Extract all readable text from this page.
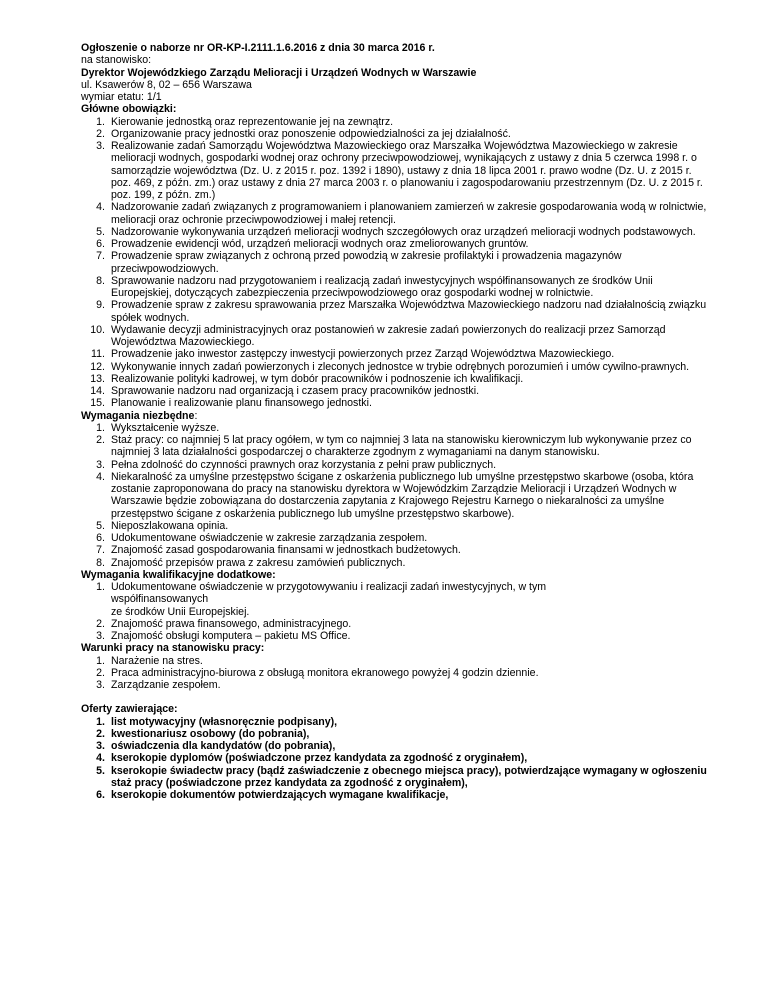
Ogłoszenie o naborze nr OR-KP-I.2111.1.6.2016 z dnia 30 marca 2016 r.
na stanowisko:
Dyrektor Wojewódzkiego Zarządu Melioracji i Urządzeń Wodnych w Warszawie
ul. Ksawerów 8, 02 – 656 Warszawa
wymiar etatu: 1/1
Główne obowiązki:
1. Kierowanie jednostką oraz reprezentowanie jej na zewnątrz.
2. Organizowanie pracy jednostki oraz ponoszenie odpowiedzialności za jej działalność.
3. Realizowanie zadań Samorządu Województwa Mazowieckiego oraz Marszałka Województwa Mazowieckiego w zakresie melioracji wodnych, gospodarki wodnej oraz ochrony przeciwpowodziowej, wynikających z ustawy z dnia 5 czerwca 1998 r. o samorządzie województwa (Dz. U. z 2015 r. poz. 1392 i 1890), ustawy z dnia 18 lipca 2001 r. prawo wodne (Dz. U. z 2015 r. poz. 469, z późn. zm.) oraz ustawy z dnia 27 marca 2003 r. o planowaniu i zagospodarowaniu przestrzennym (Dz. U. z 2015 r. poz. 199, z późn. zm.)
4. Nadzorowanie zadań związanych z programowaniem i planowaniem zamierzeń w zakresie gospodarowania wodą w rolnictwie, melioracji oraz ochronie przeciwpowodziowej i małej retencji.
5. Nadzorowanie wykonywania urządzeń melioracji wodnych szczegółowych oraz urządzeń melioracji wodnych podstawowych.
6. Prowadzenie ewidencji wód, urządzeń melioracji wodnych oraz zmeliorowanych gruntów.
7. Prowadzenie spraw związanych z ochroną przed powodzią w zakresie profilaktyki i prowadzenia magazynów przeciwpowodziowych.
8. Sprawowanie nadzoru nad przygotowaniem i realizacją zadań inwestycyjnych współfinansowanych ze środków Unii Europejskiej, dotyczących zabezpieczenia przeciwpowodziowego oraz gospodarki wodnej w rolnictwie.
9. Prowadzenie spraw z zakresu sprawowania przez Marszałka Województwa Mazowieckiego nadzoru nad działalnością związku spółek wodnych.
10. Wydawanie decyzji administracyjnych oraz postanowień w zakresie zadań powierzonych do realizacji przez Samorząd Województwa Mazowieckiego.
11. Prowadzenie jako inwestor zastępczy inwestycji powierzonych przez Zarząd Województwa Mazowieckiego.
12. Wykonywanie innych zadań powierzonych i zleconych jednostce w trybie odrębnych porozumień i umów cywilno-prawnych.
13. Realizowanie polityki kadrowej, w tym dobór pracowników i podnoszenie ich kwalifikacji.
14. Sprawowanie nadzoru nad organizacją i czasem pracy pracowników jednostki.
15. Planowanie i realizowanie planu finansowego jednostki.
Wymagania niezbędne:
1. Wykształcenie wyższe.
2. Staż pracy: co najmniej 5 lat pracy ogółem, w tym co najmniej 3 lata na stanowisku kierowniczym lub wykonywanie przez co najmniej 3 lata działalności gospodarczej o charakterze zgodnym z wymaganiami na danym stanowisku.
3. Pełna zdolność do czynności prawnych oraz korzystania z pełni praw publicznych.
4. Niekaralność za umyślne przestępstwo ścigane z oskarżenia publicznego lub umyślne przestępstwo skarbowe (osoba, która zostanie zaproponowana do pracy na stanowisku dyrektora w Wojewódzkim Zarządzie Melioracji i Urządzeń Wodnych w Warszawie będzie zobowiązana do dostarczenia zapytania z Krajowego Rejestru Karnego o niekaralności za umyślne przestępstwo ścigane z oskarżenia publicznego lub umyślne przestępstwo skarbowe).
5. Nieposzlakowana opinia.
6. Udokumentowane oświadczenie w zakresie zarządzania zespołem.
7. Znajomość zasad gospodarowania finansami w jednostkach budżetowych.
8. Znajomość przepisów prawa z zakresu zamówień publicznych.
Wymagania kwalifikacyjne dodatkowe:
1. Udokumentowane oświadczenie w przygotowywaniu i realizacji zadań inwestycyjnych, w tym
współfinansowanych
ze środków Unii Europejskiej.
2. Znajomość prawa finansowego, administracyjnego.
3. Znajomość obsługi komputera – pakietu MS Office.
Warunki pracy na stanowisku pracy:
1. Narażenie na stres.
2. Praca administracyjno-biurowa z obsługą monitora ekranowego powyżej 4 godzin dziennie.
3. Zarządzanie zespołem.
Oferty zawierające:
1. list motywacyjny (własnoręcznie podpisany),
2. kwestionariusz osobowy (do pobrania),
3. oświadczenia dla kandydatów (do pobrania),
4. kserokopie dyplomów (poświadczone przez kandydata za zgodność z oryginałem),
5. kserokopie świadectw pracy (bądź zaświadczenie z obecnego miejsca pracy), potwierdzające wymagany w ogłoszeniu staż pracy (poświadczone przez kandydata za zgodność z oryginałem),
6. kserokopie dokumentów potwierdzających wymagane kwalifikacje,
